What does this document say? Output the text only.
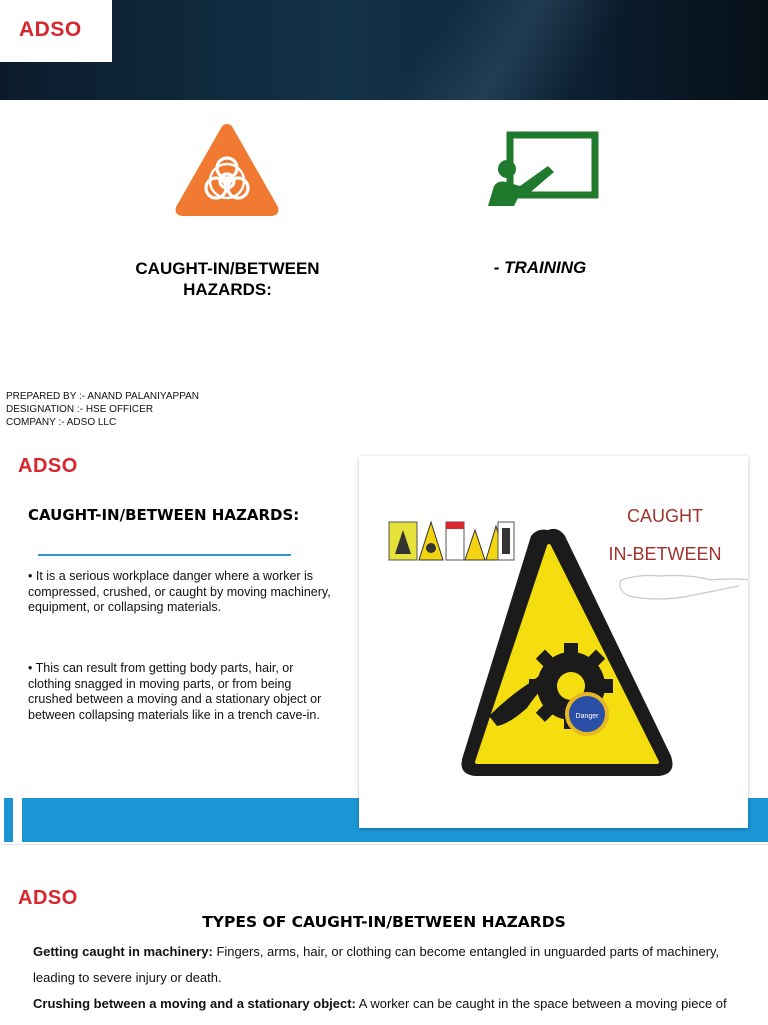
ADSO
CAUGHT-IN/BETWEEN HAZARDS:
- TRAINING
PREPARED BY :- ANAND PALANIYAPPAN
DESIGNATION :- HSE OFFICER
COMPANY :- ADSO LLC
ADSO
CAUGHT-IN/BETWEEN HAZARDS:
• It is a serious workplace danger where a worker is compressed, crushed, or caught by moving machinery, equipment, or collapsing materials.
• This can result from getting body parts, hair, or clothing snagged in moving parts, or from being crushed between a moving and a stationary object or between collapsing materials like in a trench cave-in.	Danger
CAUGHT
IN-BETWEEN
ADSO
TYPES OF CAUGHT-IN/BETWEEN HAZARDS
Getting caught in machinery: Fingers, arms, hair, or clothing can become entangled in unguarded parts of machinery, leading to severe injury or death.
Crushing between a moving and a stationary object: A worker can be caught in the space between a moving piece of
